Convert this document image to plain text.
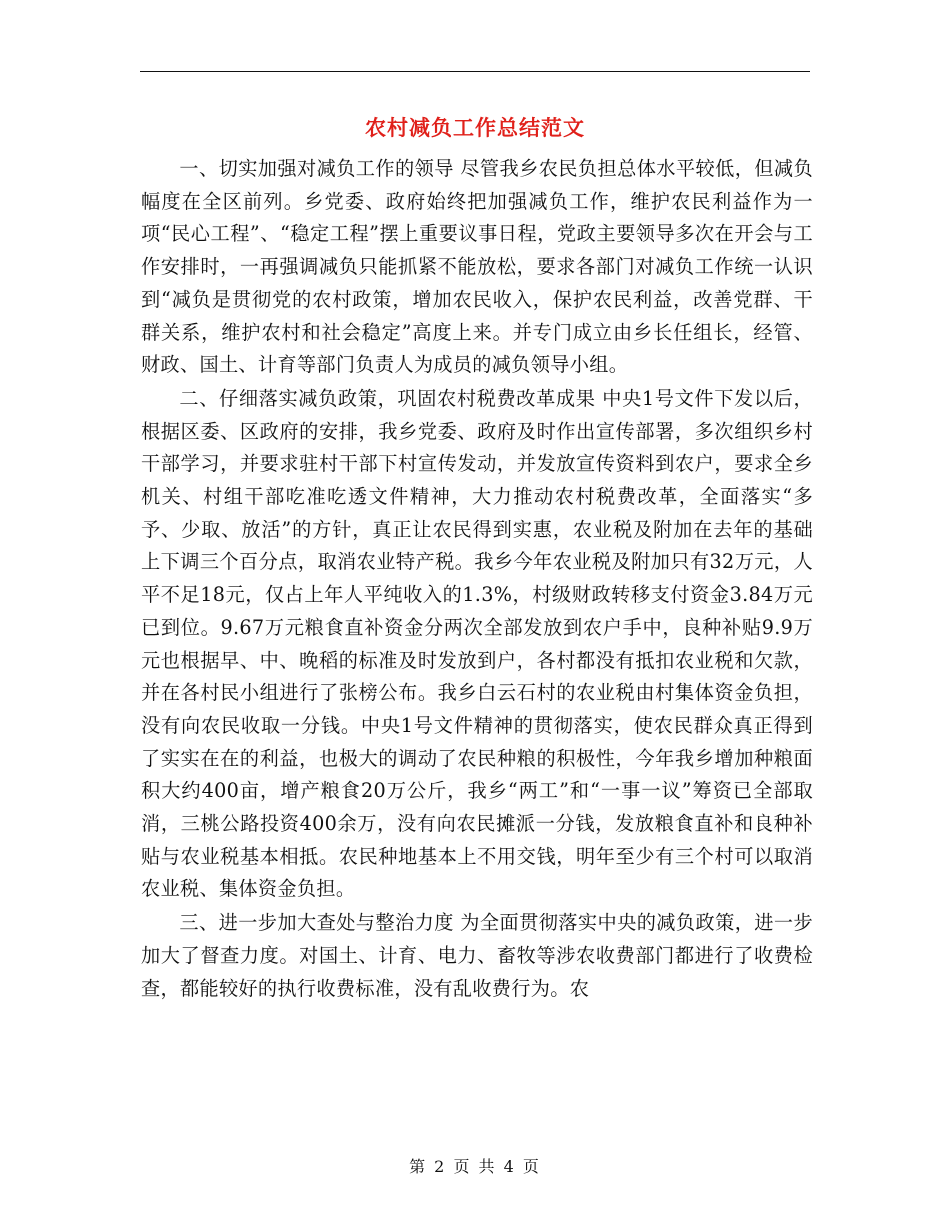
农村减负工作总结范文

一、切实加强对减负工作的领导 尽管我乡农民负担总体水平较低，但减负幅度在全区前列。乡党委、政府始终把加强减负工作，维护农民利益作为一项“民心工程”、“稳定工程”摆上重要议事日程，党政主要领导多次在开会与工作安排时，一再强调减负只能抓紧不能放松，要求各部门对减负工作统一认识到“减负是贯彻党的农村政策，增加农民收入，保护农民利益，改善党群、干群关系，维护农村和社会稳定”高度上来。并专门成立由乡长任组长，经管、财政、国土、计育等部门负责人为成员的减负领导小组。

二、仔细落实减负政策，巩固农村税费改革成果 中央1号文件下发以后，根据区委、区政府的安排，我乡党委、政府及时作出宣传部署，多次组织乡村干部学习，并要求驻村干部下村宣传发动，并发放宣传资料到农户，要求全乡机关、村组干部吃准吃透文件精神，大力推动农村税费改革，全面落实“多予、少取、放活”的方针，真正让农民得到实惠，农业税及附加在去年的基础上下调三个百分点，取消农业特产税。我乡今年农业税及附加只有32万元，人平不足18元，仅占上年人平纯收入的1.3%，村级财政转移支付资金3.84万元已到位。9.67万元粮食直补资金分两次全部发放到农户手中，良种补贴9.9万元也根据早、中、晚稻的标准及时发放到户，各村都没有抵扣农业税和欠款，并在各村民小组进行了张榜公布。我乡白云石村的农业税由村集体资金负担，没有向农民收取一分钱。中央1号文件精神的贯彻落实，使农民群众真正得到了实实在在的利益，也极大的调动了农民种粮的积极性，今年我乡增加种粮面积大约400亩，增产粮食20万公斤，我乡“两工”和“一事一议”筹资已全部取消，三桃公路投资400余万，没有向农民摊派一分钱，发放粮食直补和良种补贴与农业税基本相抵。农民种地基本上不用交钱，明年至少有三个村可以取消农业税、集体资金负担。

三、进一步加大查处与整治力度 为全面贯彻落实中央的减负政策，进一步加大了督查力度。对国土、计育、电力、畜牧等涉农收费部门都进行了收费检查，都能较好的执行收费标准，没有乱收费行为。农

第 2 页 共 4 页
